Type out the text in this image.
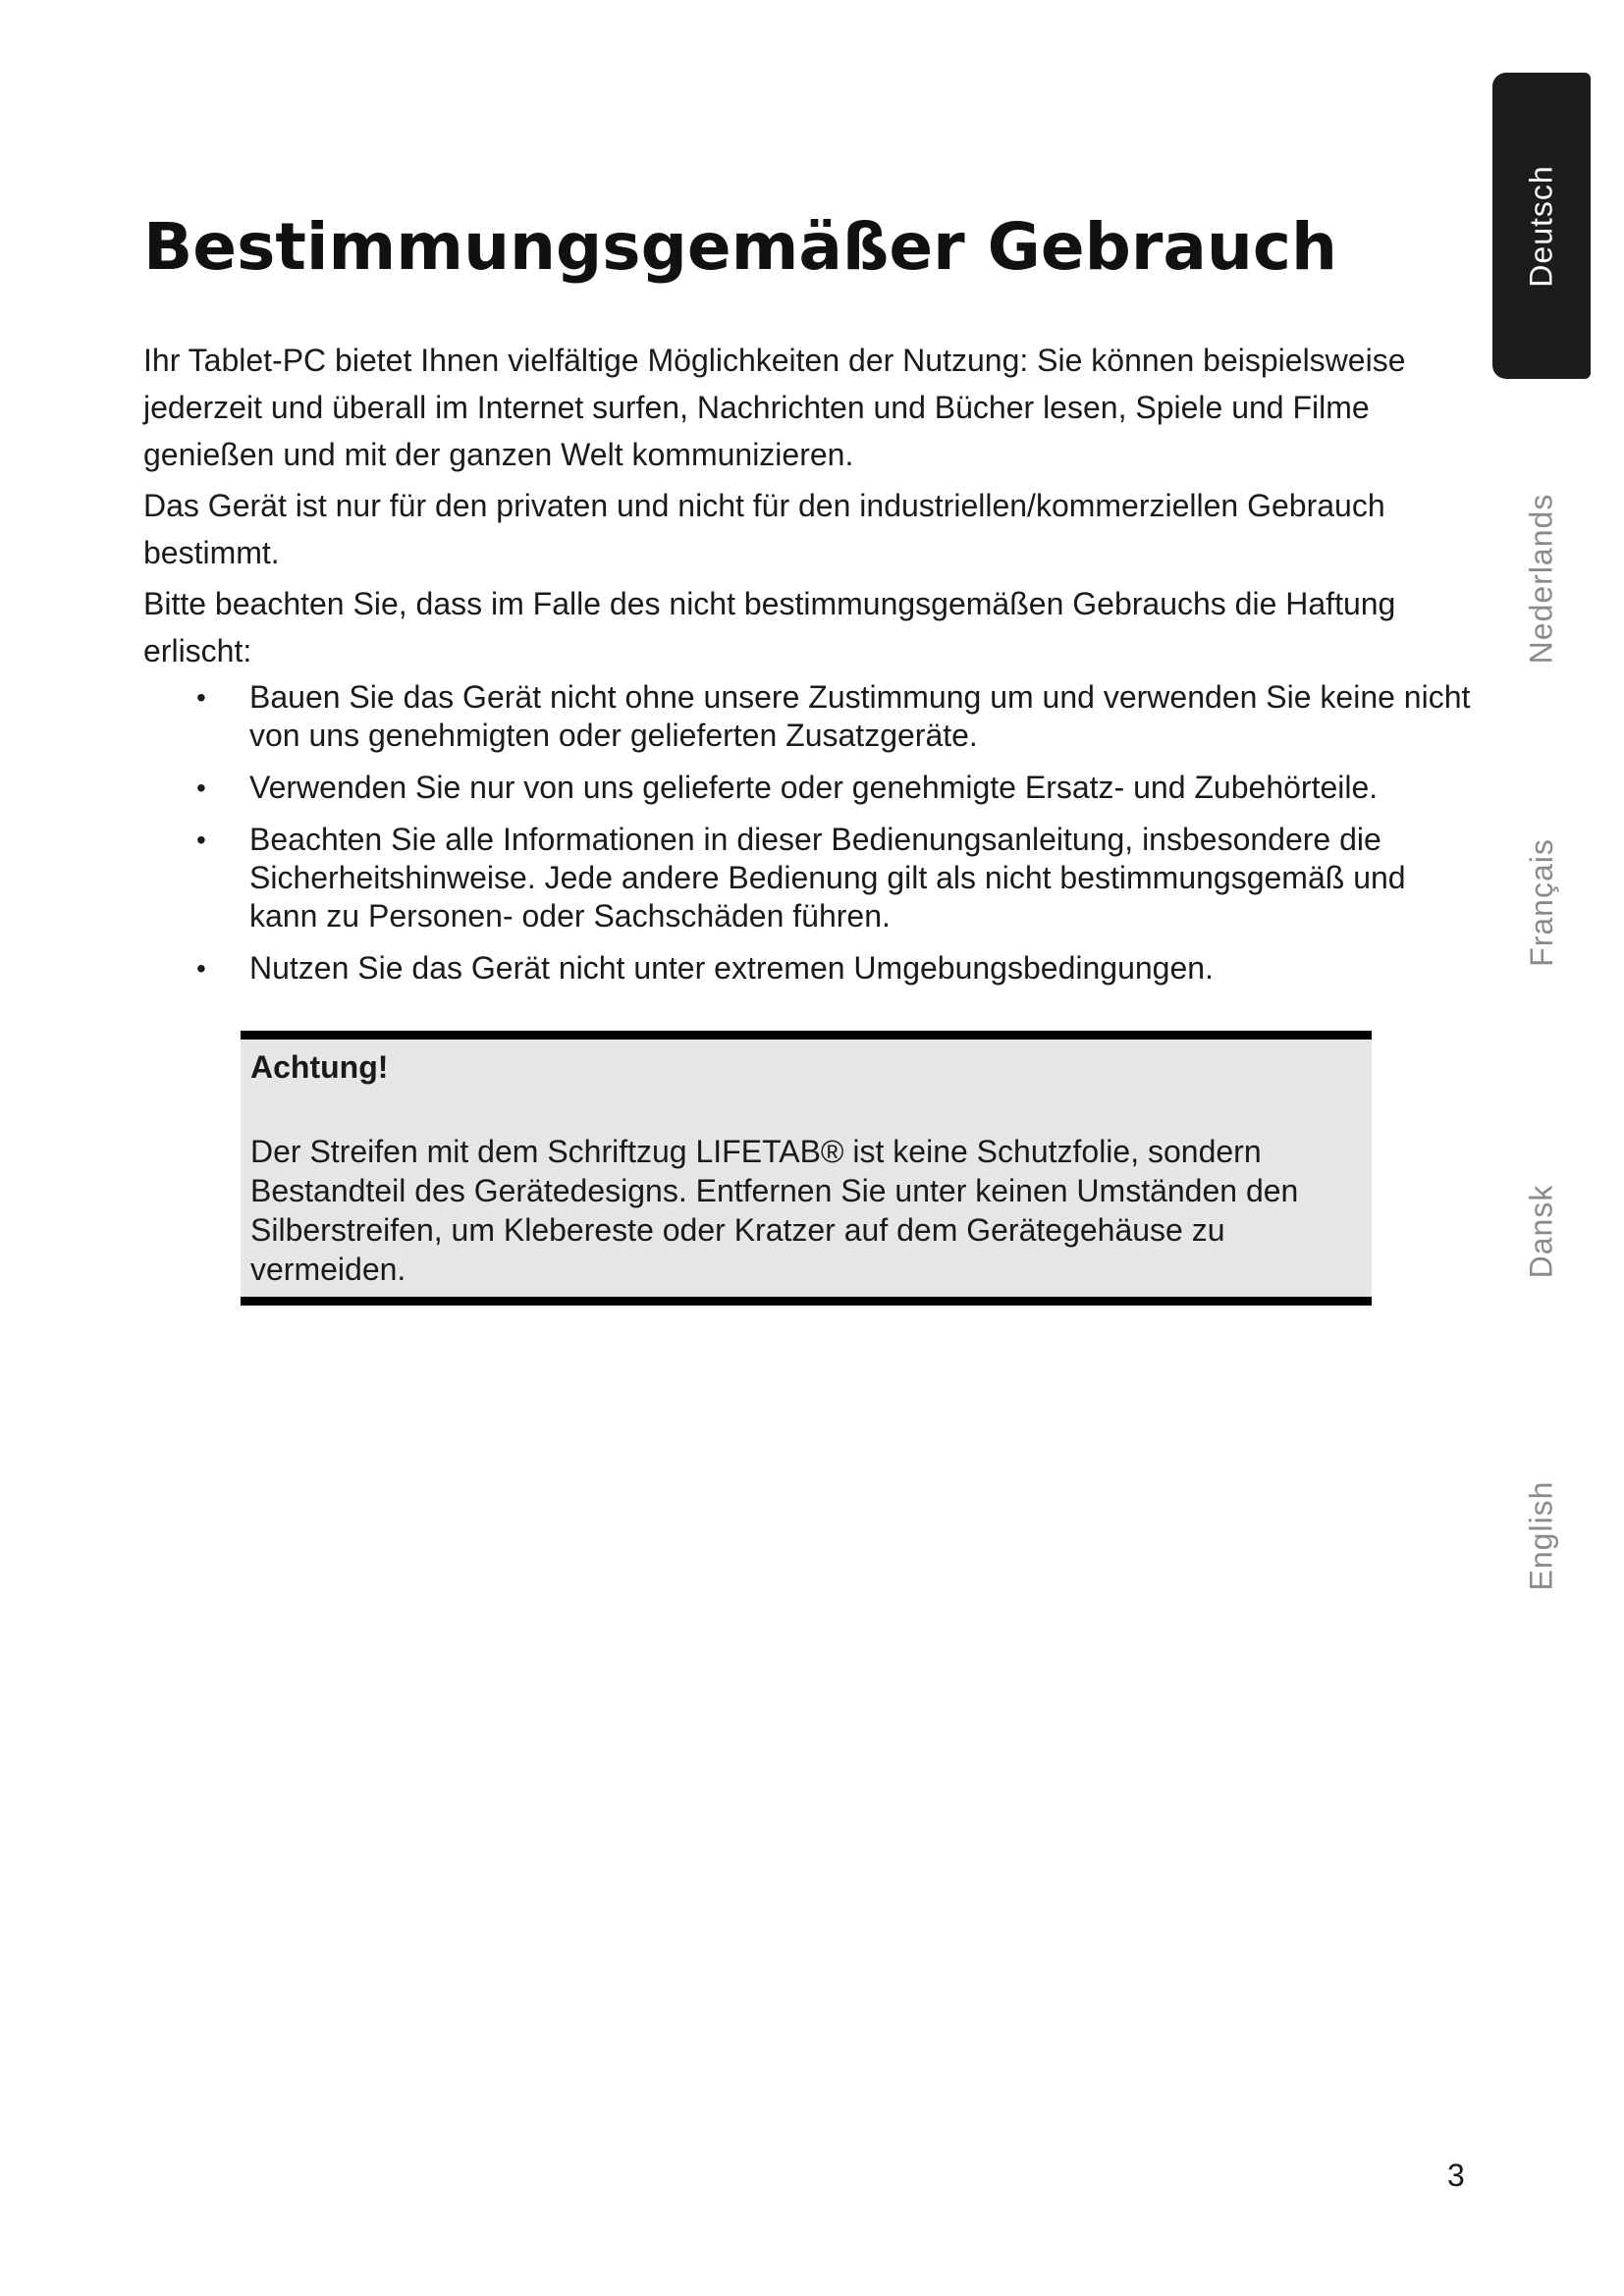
Bestimmungsgemäßer Gebrauch

Ihr Tablet-PC bietet Ihnen vielfältige Möglichkeiten der Nutzung: Sie können beispielsweise jederzeit und überall im Internet surfen, Nachrichten und Bücher lesen, Spiele und Filme genießen und mit der ganzen Welt kommunizieren.

Das Gerät ist nur für den privaten und nicht für den industriellen/kommerziellen Gebrauch bestimmt.

Bitte beachten Sie, dass im Falle des nicht bestimmungsgemäßen Gebrauchs die Haftung erlischt:

• Bauen Sie das Gerät nicht ohne unsere Zustimmung um und verwenden Sie keine nicht von uns genehmigten oder gelieferten Zusatzgeräte.
• Verwenden Sie nur von uns gelieferte oder genehmigte Ersatz- und Zubehörteile.
• Beachten Sie alle Informationen in dieser Bedienungsanleitung, insbesondere die Sicherheitshinweise. Jede andere Bedienung gilt als nicht bestimmungsgemäß und kann zu Personen- oder Sachschäden führen.
• Nutzen Sie das Gerät nicht unter extremen Umgebungsbedingungen.
Achtung!
Der Streifen mit dem Schriftzug LIFETAB® ist keine Schutzfolie, sondern Bestandteil des Gerätedesigns. Entfernen Sie unter keinen Umständen den Silberstreifen, um Klebereste oder Kratzer auf dem Gerätegehäuse zu vermeiden.
Deutsch
Nederlands
Français
Dansk
English
3
